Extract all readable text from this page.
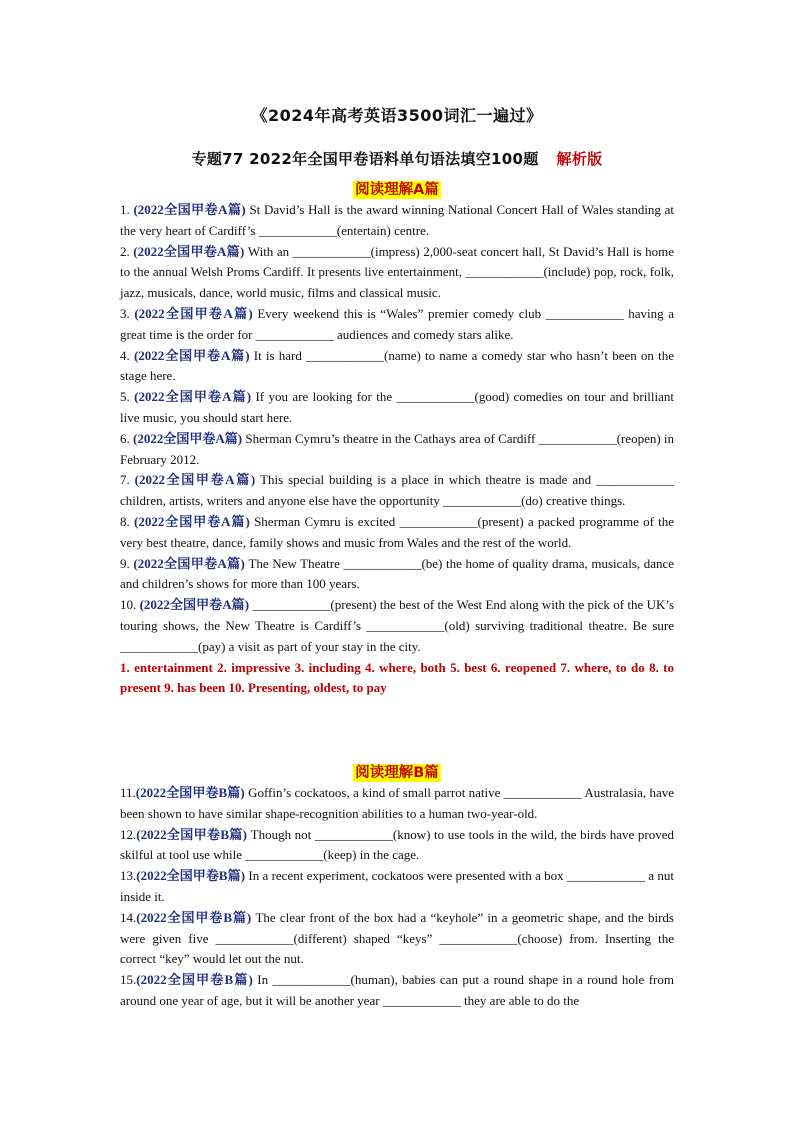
《2024年高考英语3500词汇一遍过》
专题77 2022年全国甲卷语料单句语法填空100题 解析版
阅读理解A篇

1. (2022全国甲卷A篇) St David’s Hall is the award winning National Concert Hall of Wales standing at the very heart of Cardiff’s ____________(entertain) centre.

2. (2022全国甲卷A篇) With an ____________(impress) 2,000-seat concert hall, St David’s Hall is home to the annual Welsh Proms Cardiff. It presents live entertainment, ____________(include) pop, rock, folk, jazz, musicals, dance, world music, films and classical music.

3. (2022全国甲卷A篇) Every weekend this is “Wales” premier comedy club ____________ having a great time is the order for ____________ audiences and comedy stars alike.

4. (2022全国甲卷A篇) It is hard ____________(name) to name a comedy star who hasn’t been on the stage here.

5. (2022全国甲卷A篇) If you are looking for the ____________(good) comedies on tour and brilliant live music, you should start here.

6. (2022全国甲卷A篇) Sherman Cymru’s theatre in the Cathays area of Cardiff ____________(reopen) in February 2012.

7. (2022全国甲卷A篇) This special building is a place in which theatre is made and ____________ children, artists, writers and anyone else have the opportunity ____________(do) creative things.

8. (2022全国甲卷A篇) Sherman Cymru is excited ____________(present) a packed programme of the very best theatre, dance, family shows and music from Wales and the rest of the world.

9. (2022全国甲卷A篇) The New Theatre ____________(be) the home of quality drama, musicals, dance and children’s shows for more than 100 years.

10. (2022全国甲卷A篇) ____________(present) the best of the West End along with the pick of the UK’s touring shows, the New Theatre is Cardiff’s ____________(old) surviving traditional theatre. Be sure ____________(pay) a visit as part of your stay in the city.

1. entertainment 2. impressive 3. including 4. where, both 5. best 6. reopened 7. where, to do 8. to present 9. has been 10. Presenting, oldest, to pay

阅读理解B篇

11.(2022全国甲卷B篇) Goffin’s cockatoos, a kind of small parrot native ____________ Australasia, have been shown to have similar shape-recognition abilities to a human two-year-old.

12.(2022全国甲卷B篇) Though not ____________(know) to use tools in the wild, the birds have proved skilful at tool use while ____________(keep) in the cage.

13.(2022全国甲卷B篇) In a recent experiment, cockatoos were presented with a box ____________ a nut inside it.

14.(2022全国甲卷B篇) The clear front of the box had a “keyhole” in a geometric shape, and the birds were given five ____________(different) shaped “keys” ____________(choose) from. Inserting the correct “key” would let out the nut.

15.(2022全国甲卷B篇) In ____________(human), babies can put a round shape in a round hole from around one year of age, but it will be another year ____________ they are able to do the
